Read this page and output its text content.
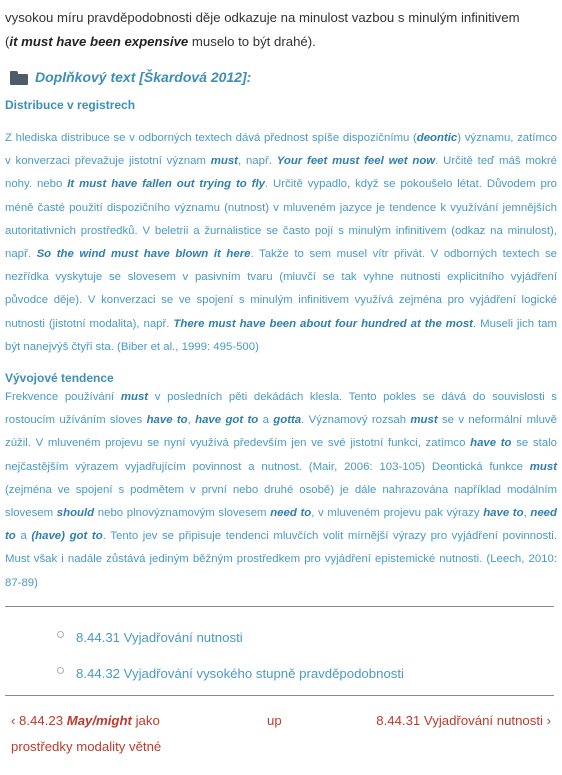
vysokou míru pravděpodobnosti děje odkazuje na minulost vazbou s minulým infinitivem
(it must have been expensive muselo to být drahé).
Doplňkový text [Škardová 2012]:
Distribuce v registrech
Z hlediska distribuce se v odborných textech dává přednost spíše dispozičnímu (deontic) významu, zatímco v konverzaci převažuje jistotní význam must, např. Your feet must feel wet now. Určitě teď máš mokré nohy. nebo It must have fallen out trying to fly. Určitě vypadlo, když se pokoušelo létat. Důvodem pro méně časté použití dispozičního významu (nutnost) v mluveném jazyce je tendence k využívání jemnějších autoritativních prostředků. V beletrii a žurnalistice se často pojí s minulým infinitivem (odkaz na minulost), např. So the wind must have blown it here. Takže to sem musel vítr přivát. V odborných textech se nezřídka vyskytuje se slovesem v pasivním tvaru (mluvčí se tak vyhne nutnosti explicitního vyjádření původce děje). V konverzaci se ve spojení s minulým infinitivem využívá zejména pro vyjádření logické nutnosti (jistotní modalita), např. There must have been about four hundred at the most. Museli jich tam být nanejvýš čtyři sta. (Biber et al., 1999: 495-500)
Vývojové tendence
Frekvence používání must v posledních pěti dekádách klesla. Tento pokles se dává do souvislosti s rostoucím užíváním sloves have to, have got to a gotta. Významový rozsah must se v neformální mluvě zúžil. V mluveném projevu se nyní využívá především jen ve své jistotní funkci, zatímco have to se stalo nejčastějším výrazem vyjadřujícím povinnost a nutnost. (Mair, 2006: 103-105) Deontická funkce must (zejména ve spojení s podmětem v první nebo druhé osobě) je dále nahrazována například modálním slovesem should nebo plnovýznamovým slovesem need to, v mluveném projevu pak výrazy have to, need to a (have) got to. Tento jev se připisuje tendenci mluvčích volit mírnější výrazy pro vyjádření povinnosti. Must však i nadále zůstává jediným běžným prostředkem pro vyjádření epistemické nutnosti. (Leech, 2010: 87-89)
8.44.31 Vyjadřování nutnosti
8.44.32 Vyjadřování vysokého stupně pravděpodobnosti
‹ 8.44.23 May/might jako prostředky modality větné
up	8.44.31 Vyjadřování nutnosti ›
